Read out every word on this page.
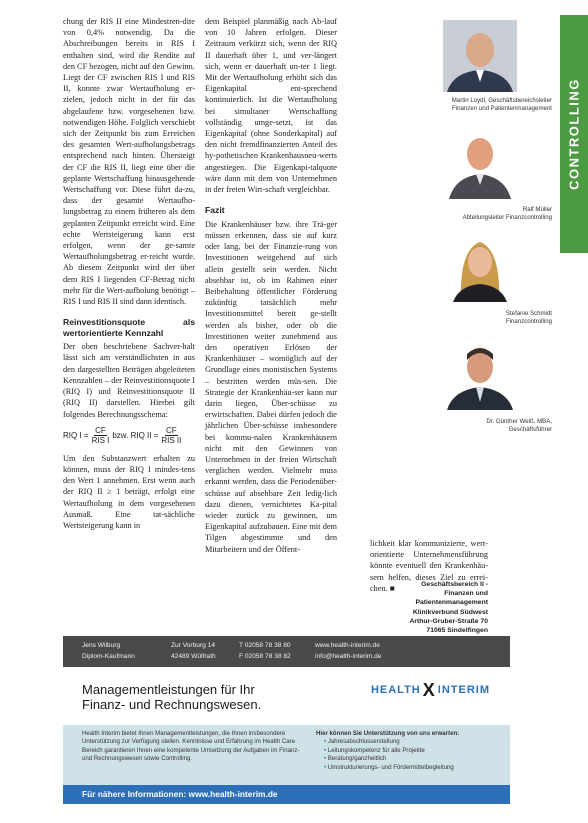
chung der RIS II eine Mindestren-dite von 0,4% notwendig. Da die Abschreibungen bereits in RIS I enthalten sind, wird die Rendite auf den CF bezogen, nicht auf den Gewinn.

Liegt der CF zwischen RIS I und RIS II, konnte zwar Wertaufholung er-zielen, jedoch nicht in der für das abgelaufene bzw. vorgesehenen bzw. notwendigen Höhe. Folglich verschiebt sich der Zeitpunkt bis zum Erreichen des gesamten Wert-aufholungsbetrags entsprechend nach hinten. Übersteigt der CF die RIS II, liegt eine über die geplante Wertschaffung hinausgehende Wertschaffung vor. Diese führt da-zu, dass der gesamte Wertaufho-lungsbetrag zu einem früheren als dem geplanten Zeitpunkt erreicht wird. Eine echte Wertsteigerung kann erst erfolgen, wenn der ge-samte Wertaufholungsbetrag er-reicht wurde. Ab diesem Zeitpunkt wird der über dem RIS I liegenden CF-Betrag nicht mehr für die Wert-aufholung benötigt – RIS I und RIS II sind dann identisch.

Reinvestitionsquote als wertorientierte Kennzahl

Der oben beschriebene Sachver-halt lässt sich am verständlichsten in aus den dargestellten Beträgen abgeleiteten Kennzahlen – der Reinvestitionsquote I (RIQ I) und Reinvestitionsquote II (RIQ II) darstellen. Hierbei gilt folgendes Berechnungsschema:

RIQ $I = \frac{CF}{\text{RIS I}}$ bzw. RIQ II = $\frac{CF}{\text{RIS II}}$

Um den Substanzwert erhalten zu können, muss der RIQ I mindes-tens den Wert 1 annehmen. Erst wenn auch der RIQ II ≥ 1 beträgt, erfolgt eine Wertaufholung in dem vorgesehenen Ausmaß. Eine tat-sächliche Wertsteigerung kann in

dem Beispiel planmäßig nach Ab-lauf von 10 Jahren erfolgen. Dieser Zeitraum verkürzt sich, wenn der RIQ II dauerhaft über 1, und ver-längert sich, wenn er dauerhaft un-ter 1 liegt. Mit der Wertaufholung erhöht sich das Eigenkapital ent-sprechend kontinuierlich. Ist die Wertaufholung bei simultaner Wertschaffung vollständig umge-setzt, ist das Eigenkapital (ohne Sonderkapital) auf den nicht fremdfinanzierten Anteil des hy-pothetischen Krankenhausneu-werts angestiegen. Die Eigenkapi-talquote wäre dann mit dem von Unternehmen in der freien Wirt-schaft vergleichbar.

Fazit

Die Krankenhäuser bzw. ihre Trä-ger müssen erkennen, dass sie auf kurz oder lang, bei der Finanzie-rung von Investitionen weitgehend auf sich allein gestellt sein werden. Nicht absehbar ist, ob im Rahmen einer Beibehaltung öffentlicher Förderung zukünftig tatsächlich mehr Investitionsmittel bereit ge-stellt werden als bisher, oder ob die Investitionen weiter zunehmend aus den operativen Erlösen der Krankenhäuser – womöglich auf der Grundlage eines monistischen Systems – bestritten werden müs-sen. Die Strategie der Krankenhäu-ser kann nur darin liegen, Über-schüsse zu erwirtschaften. Dabei dürfen jedoch die jährlichen Über-schüsse insbesondere bei kommu-nalen Krankenhäusern nicht mit den Gewinnen von Unternehmen in der freien Wirtschaft verglichen werden. Vielmehr muss erkannt werden, dass die Periodenüber-schüsse auf absehbare Zeit ledig-lich dazu dienen, vernichtetes Ka-pital wieder zurück zu gewinnen, um Eigenkapital aufzubauen. Eine mit dem Tilgen abgestimmte und den Mitarbeitern und der Öffent-

lichkeit klar kommunizierte, wert-orientierte Unternehmensführung könnte eventuell den Krankenhäu-sern helfen, dieses Ziel zu errei-chen. ■	Geschäftsbereich II -
Finanzen und Patientenmanagement
Klinikverbund Südwest
Arthur-Gruber-Straße 70
71065 Sindelfingen
CONTROLLING
Martin Loydl, Geschäftsbereichsleiter
Finanzen und Patientenmanagement
Ralf Müller
Abteilungsleiter Finanzcontrolling
Stefanie Schmidt
Finanzcontrolling
Dr. Günther Weiß, MBA,
Geschäftsführer
Jens Wilburg
Diplom-Kaufmann
Zur Vorburg 14
42489 Wülfrath
T 02058 78 38 80
F 02058 78 38 82
www.health-interim.de
info@health-interim.de
HEALTH X INTERIM
Managementleistungen für Ihr
Finanz- und Rechnungswesen.
Health Interim bietet Ihnen Managementleistungen, die Ihnen insbesondere Unterstützung zur Verfügung stellen. Kenntnisse und Erfahrung im Health Care Bereich garantieren Ihnen eine kompetente Umsetzung der Aufgaben im Finanz- und Rechnungswesen sowie Controlling.
Hier können Sie Unterstützung von uns erwarten:
• Jahresabschlusserstellung
• Leitungskompetenz für alle Projekte
• Beratung/ganzheitlich
• Umstrukturierungs- und Fördermittelbegleitung
Für nähere Informationen: www.health-interim.de
